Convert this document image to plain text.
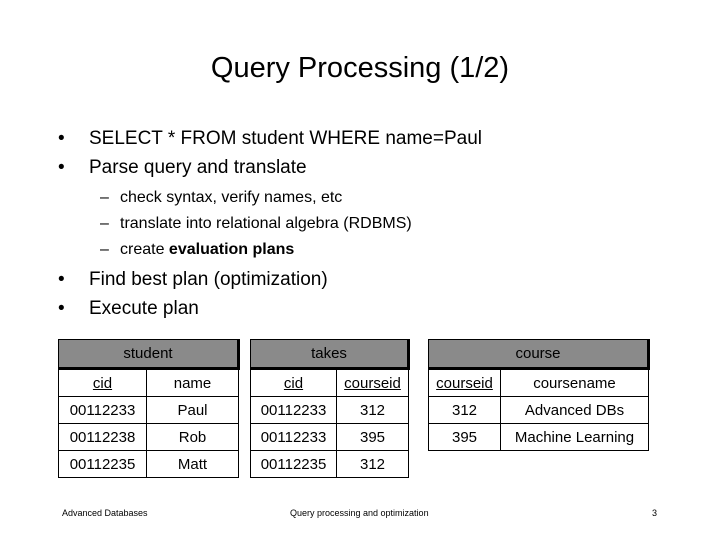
Query Processing (1/2)
• SELECT * FROM student WHERE name=Paul
• Parse query and translate
– check syntax, verify names, etc
– translate into relational algebra (RDBMS)
– create evaluation plans
• Find best plan (optimization)
• Execute plan
student	
cid	name
00112233	Paul
00112238	Rob
00112235	Matt
takes	
cid	courseid
00112233	312
00112233	395
00112235	312
course	
courseid	coursename
312	Advanced DBs
395	Machine Learning
Advanced Databases	Query processing and optimization	3
